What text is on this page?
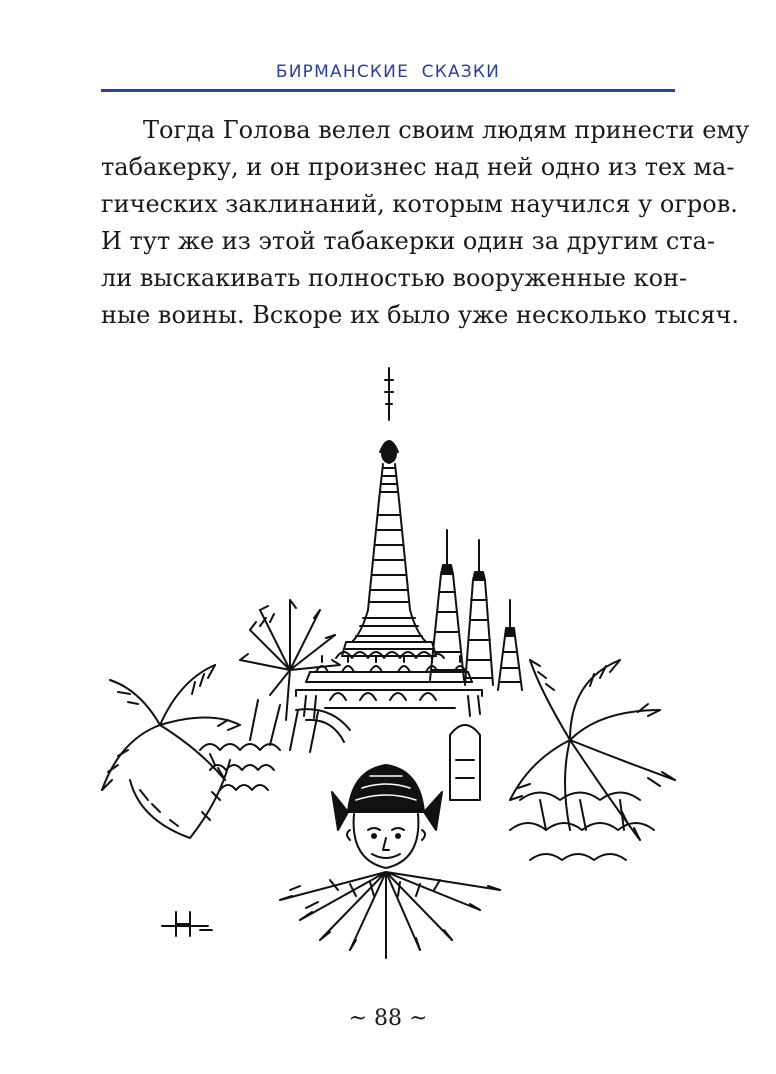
БИРМАНСКИЕ СКАЗКИ
Тогда Голова велел своим людям принести ему
табакерку, и он произнес над ней одно из тех ма-
гических заклинаний, которым научился у огров.
И тут же из этой табакерки один за другим ста-
ли выскакивать полностью вооруженные кон-
ные воины. Вскоре их было уже несколько тысяч.
~ 88 ~
